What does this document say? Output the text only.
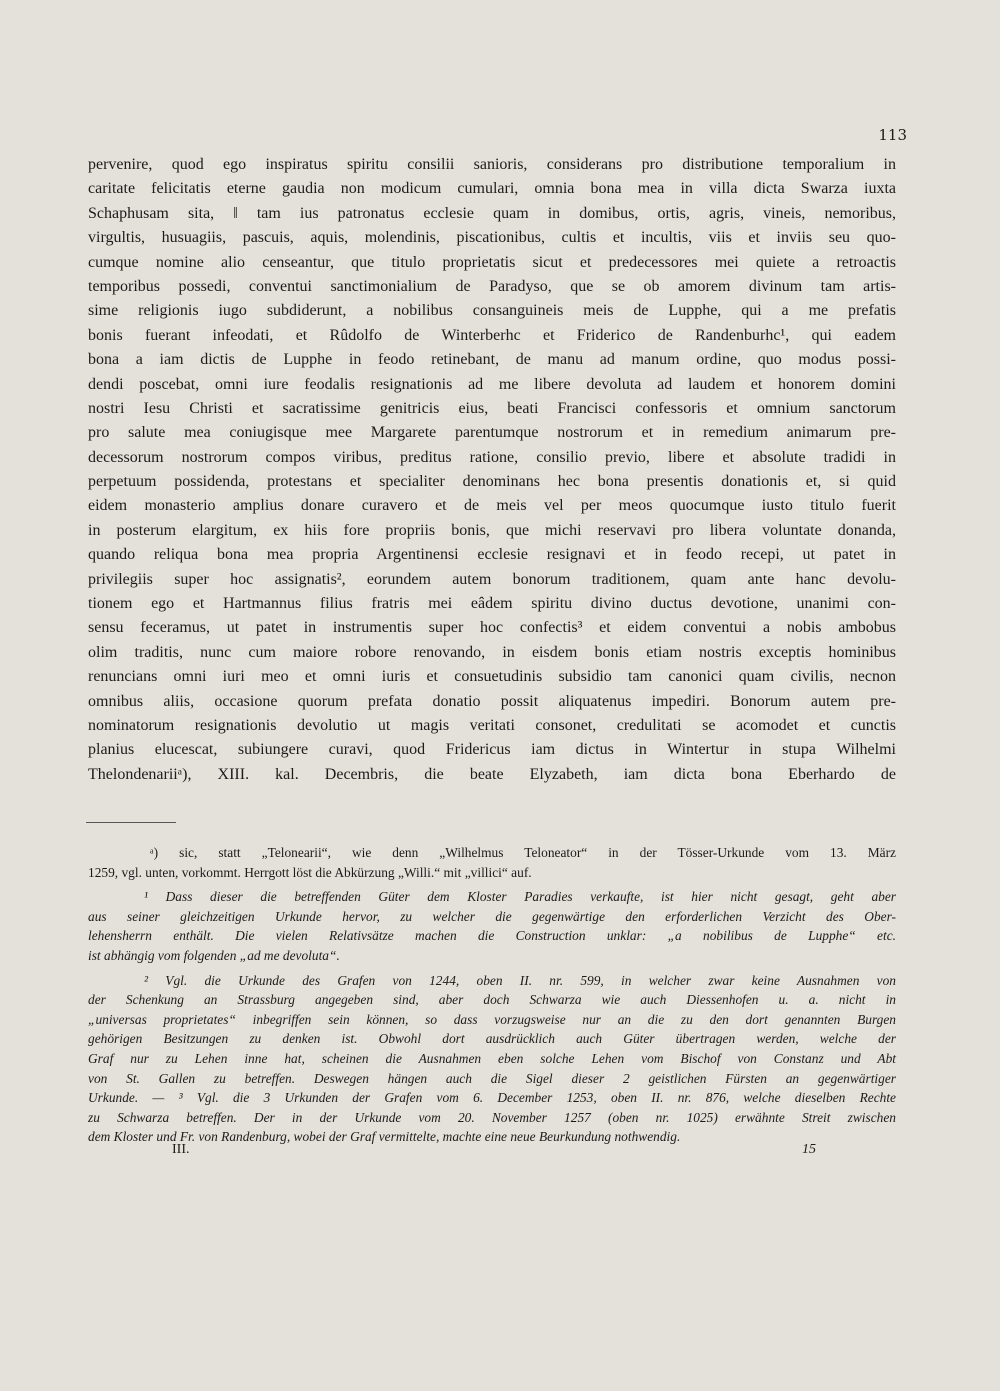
113
pervenire, quod ego inspiratus spiritu consilii sanioris, considerans pro distributione temporalium in
caritate felicitatis eterne gaudia non modicum cumulari, omnia bona mea in villa dicta Swarza iuxta
Schaphusam sita, ‖ tam ius patronatus ecclesie quam in domibus, ortis, agris, vineis, nemoribus,
virgultis, husuagiis, pascuis, aquis, molendinis, piscationibus, cultis et incultis, viis et inviis seu quo-
cumque nomine alio censeantur, que titulo proprietatis sicut et predecessores mei quiete a retroactis
temporibus possedi, conventui sanctimonialium de Paradyso, que se ob amorem divinum tam artis-
sime religionis iugo subdiderunt, a nobilibus consanguineis meis de Lupphe, qui a me prefatis
bonis fuerant infeodati, et Rûdolfo de Winterberhc et Friderico de Randenburhc¹, qui eadem
bona a iam dictis de Lupphe in feodo retinebant, de manu ad manum ordine, quo modus possi-
dendi poscebat, omni iure feodalis resignationis ad me libere devoluta ad laudem et honorem domini
nostri Iesu Christi et sacratissime genitricis eius, beati Francisci confessoris et omnium sanctorum
pro salute mea coniugisque mee Margarete parentumque nostrorum et in remedium animarum pre-
decessorum nostrorum compos viribus, preditus ratione, consilio previo, libere et absolute tradidi in
perpetuum possidenda, protestans et specialiter denominans hec bona presentis donationis et, si quid
eidem monasterio amplius donare curavero et de meis vel per meos quocumque iusto titulo fuerit
in posterum elargitum, ex hiis fore propriis bonis, que michi reservavi pro libera voluntate donanda,
quando reliqua bona mea propria Argentinensi ecclesie resignavi et in feodo recepi, ut patet in
privilegiis super hoc assignatis², eorundem autem bonorum traditionem, quam ante hanc devolu-
tionem ego et Hartmannus filius fratris mei eâdem spiritu divino ductus devotione, unanimi con-
sensu feceramus, ut patet in instrumentis super hoc confectis³ et eidem conventui a nobis ambobus
olim traditis, nunc cum maiore robore renovando, in eisdem bonis etiam nostris exceptis hominibus
renuncians omni iuri meo et omni iuris et consuetudinis subsidio tam canonici quam civilis, necnon
omnibus aliis, occasione quorum prefata donatio possit aliquatenus impediri. Bonorum autem pre-
nominatorum resignationis devolutio ut magis veritati consonet, credulitati se acomodet et cunctis
planius elucescat, subiungere curavi, quod Fridericus iam dictus in Wintertur in stupa Wilhelmi
Thelondenariiᵃ), XIII. kal. Decembris, die beate Elyzabeth, iam dicta bona Eberhardo de
ᵃ) sic, statt „Telonearii“, wie denn „Wilhelmus Teloneator“ in der Tösser-Urkunde vom 13. März
1259, vgl. unten, vorkommt. Herrgott löst die Abkürzung „Willi.“ mit „villici“ auf.
¹ Dass dieser die betreffenden Güter dem Kloster Paradies verkaufte, ist hier nicht gesagt, geht aber
aus seiner gleichzeitigen Urkunde hervor, zu welcher die gegenwärtige den erforderlichen Verzicht des Ober-
lehensherrn enthält. Die vielen Relativsätze machen die Construction unklar: „a nobilibus de Lupphe“ etc.
ist abhängig vom folgenden „ad me devoluta“.
² Vgl. die Urkunde des Grafen von 1244, oben II. nr. 599, in welcher zwar keine Ausnahmen von
der Schenkung an Strassburg angegeben sind, aber doch Schwarza wie auch Diessenhofen u. a. nicht in
„universas proprietates“ inbegriffen sein können, so dass vorzugsweise nur an die zu den dort genannten Burgen
gehörigen Besitzungen zu denken ist. Obwohl dort ausdrücklich auch Güter übertragen werden, welche der
Graf nur zu Lehen inne hat, scheinen die Ausnahmen eben solche Lehen vom Bischof von Constanz und Abt
von St. Gallen zu betreffen. Deswegen hängen auch die Sigel dieser 2 geistlichen Fürsten an gegenwärtiger
Urkunde. — ³ Vgl. die 3 Urkunden der Grafen vom 6. December 1253, oben II. nr. 876, welche dieselben Rechte
zu Schwarza betreffen. Der in der Urkunde vom 20. November 1257 (oben nr. 1025) erwähnte Streit zwischen
dem Kloster und Fr. von Randenburg, wobei der Graf vermittelte, machte eine neue Beurkundung nothwendig.
III.	15
